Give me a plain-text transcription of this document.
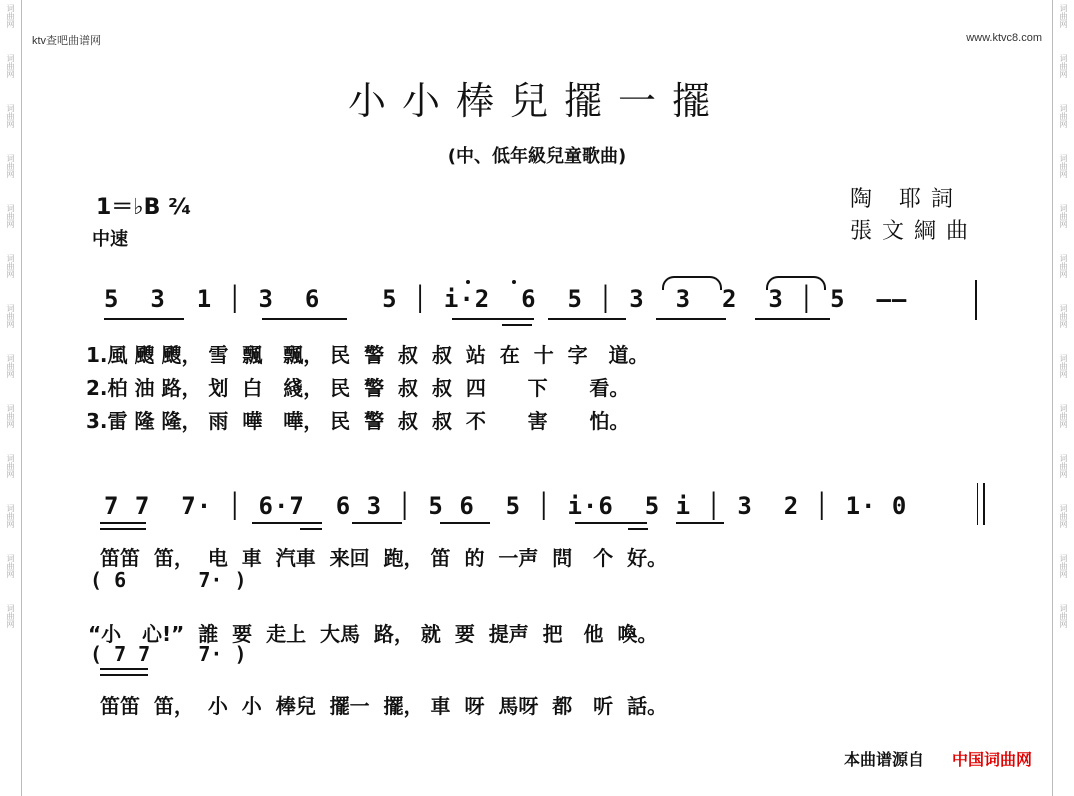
词曲网
词曲网
词曲网
词曲网
词曲网
词曲网
词曲网
词曲网
词曲网
词曲网
词曲网
词曲网
词曲网
词曲网
词曲网
词曲网
词曲网
词曲网
词曲网
词曲网
词曲网
词曲网
词曲网
词曲网
词曲网
词曲网
ktv查吧曲谱网	www.ktvc8.com
小小棒兒擺一擺
(中、低年級兒童歌曲)
1＝♭B ²⁄₄
中速
陶 耶詞
張文綱曲
5  3  1 │ 3  6    5 │ i·2  6  5 │ 3  3  2  3 │ 5  ——
1.風 颼 颼， 雪  飄   飄， 民  警  叔  叔  站  在  十  字   道。
2.柏 油 路， 划  白   綫， 民  警  叔  叔  四      下      看。
3.雷 隆 隆， 雨  嘩   嘩， 民  警  叔  叔  不      害      怕。
7 7  7· │ 6·7  6 3 │ 5 6  5 │ i·6  5 i │ 3  2 │ 1· 0
笛笛  笛，  电  車  汽車  来回  跑， 笛  的  一声  問   个  好。
( 6      7· )
“小   心!”  誰  要  走上  大馬  路， 就  要  提声  把   他  喚。
( 7 7    7· )
笛笛  笛，  小  小  棒兒  擺一  擺， 車  呀  馬呀  都   听  話。
本曲谱源自 中国词曲网
